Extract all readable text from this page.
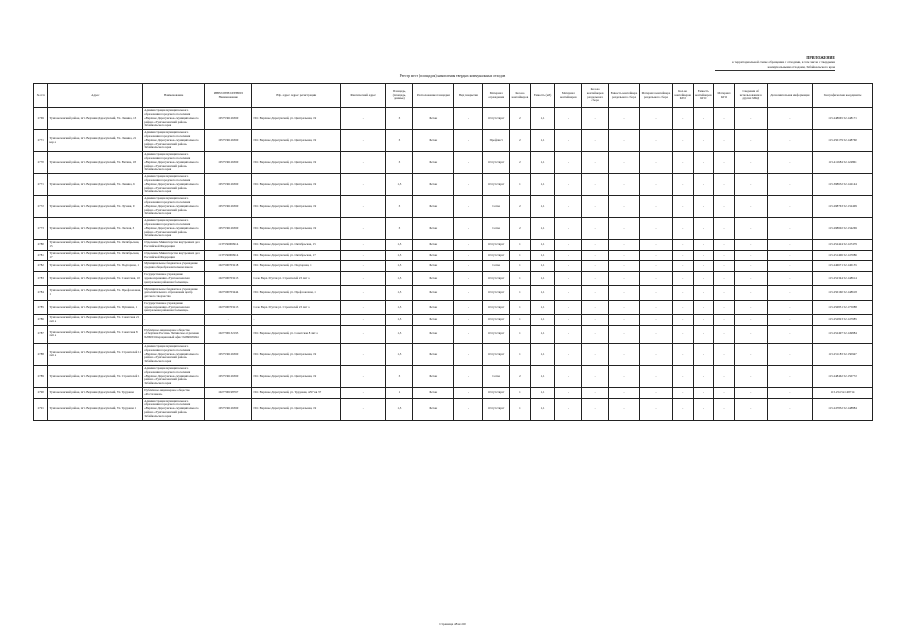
ПРИЛОЖЕНИЕ
к территориальной схеме обращения с отходами, в том числе с твердыми
коммунальными отходами, Забайкальского края
Реестр мест (площадок) накопления твердых коммунальных отходов
№ п/п	Адрес	Наименование	ИНН/ОГРН/ОГРНИП Наименование	Юр. адрес Адрес регистрации	Фактический адрес	Площадь, (площадь, данные)	Расположение площадки	Вид покрытия	Материал ограждения	Кол-во контейнеров	Емкость (м3)	Материал контейнеров	Кол-во контейнеров раздельного сбора	Емкость контейнера раздельного сбора	Материал контейнера раздельного сбора	Кол-во контейнеров КГО	Емкость контейнеров КГО	Материал КГО	Сведения об использовании в других МКД	Дополнительная информация	Географические координаты
2769	Тунгокоченский район, пгт. Верхняя Дарасунский, Ул. Ленина, 13	Администрация муниципального образования городского поселения «Верхнее Дарасунское» муниципального района «Тунгокоченский район» Забайкальского края	1057536126360	Пгт. Верхнее Дарасунский, ул. Центральная, 19	-	3	Бетон	-	Отсутствует	2	1,1	-	-	-	-	-	-	-	-	-	115.248665 52.148171
2771	Тунгокоченский район, пгт. Верхняя Дарасунский, Ул. Ленина, 21 кор а	Администрация муниципального образования городского поселения «Верхнее Дарасунское» муниципального района «Тунгокоченский район» Забайкальского края	1057536126360	Пгт. Верхнее Дарасунский, ул. Центральная, 19	-	3	Бетон	-	Профлист	2	1,1	-	-	-	-	-	-	-	-	-	115.250179 52.148760
2770	Тунгокоченский район, пгт. Верхняя Дарасунский, Ул. Ветина, 18	Администрация муниципального образования городского поселения «Верхнее Дарасунское» муниципального района «Тунгокоченский район» Забайкальского края	1057536126360	Пгт. Верхнее Дарасунский, ул. Центральная, 19	-	3	Бетон	-	Отсутствует	2	1,1	-	-	-	-	-	-	-	-	-	115.411684 52.124861
2771	Тунгокоченский район, пгт. Верхняя Дарасунский, Ул. Ленина, 6	Администрация муниципального образования городского поселения «Верхнее Дарасунское» муниципального района «Тунгокоченский район» Забайкальского края	1057536126360	Пгт. Верхнее Дарасунский, ул. Центральная, 19	-	1,5	Бетон	-	Отсутствует	1	1,1	-	-	-	-	-	-	-	-	-	115.398632 52.142144
2772	Тунгокоченский район, пгт. Верхняя Дарасунский, Ул. Лучная, 9	Администрация муниципального образования городского поселения «Верхнее Дарасунское» муниципального района «Тунгокоченский район» Забайкальского края	1057536126360	Пгт. Верхнее Дарасунский, ул. Центральная, 19	-	3	Бетон	-	Сетка	2	1,1	-	-	-	-	-	-	-	-	-	115.298763 52.132409
2773	Тунгокоченский район, пгт. Верхняя Дарасунский, Ул. Лесная, 3	Администрация муниципального образования городского поселения «Верхнее Дарасунское» муниципального района «Тунгокоченский район» Забайкальского края	1057536126360	Пгт. Верхнее Дарасунский, ул. Центральная, 19	-	3	Бетон	-	Сетка	2	1,1	-	-	-	-	-	-	-	-	-	115.298602 52.134269
2780	Тунгокоченский район, пгт. Верхняя Дарасунский, Ул. Октябрьская, 15	Отделение Министерства внутренних дел Российской Федерации	1137536000914	Пгт. Верхнее Дарасунский, ул. Октябрьская, 15	-	1,5	Бетон	-	Отсутствует	1	1,1	-	-	-	-	-	-	-	-	-	115.252424 52.147479
2781	Тунгокоченский район, пгт. Верхняя Дарасунский, Ул. Октябрьская, 17	Отделение Министерства внутренних дел Российской Федерации	1137536000914	Пгт. Верхнее Дарасунский, ул. Октябрьская, 17	-	1,5	Бетон	-	Отсутствует	1	1,1	-	-	-	-	-	-	-	-	-	115.251406 52.147086
2782	Тунгокоченский район, пгт. Верхняя Дарасунский, Ул. Подгорная, 1	Муниципальное бюджетное учреждение средняя общеобразовательная школа	1027500703218	Пгт. Верхнее Дарасунский, ул. Подгорная, 1	-	1,5	Бетон	-	Сетка	1	1,1	-	-	-	-	-	-	-	-	-	115.246671 52.140155
2783	Тунгокоченский район, пгт. Верхняя Дарасунский, Ул. Советская, 10	Государственное учреждение здравоохранения «Тунгокоченская центральная районная больница»	1027500703213	Село Верх-Усугли ул. Строителей 23 лит а	-	1,5	Бетон	-	Отсутствует	1	1,1	-	-	-	-	-	-	-	-	-	115.252344 52.148614
2784	Тунгокоченский район, пгт. Верхняя Дарасунский, Ул. Профсоюзная, 1	Муниципальное бюджетное учреждение дополнительного образования центр детского творчества	1027500703444	Пгт. Верхнее Дарасунский, ул. Профсоюзная, 1	-	1,5	Бетон	-	Отсутствует	1	1,1	-	-	-	-	-	-	-	-	-	115.250160 52.148618
2785	Тунгокоченский район, пгт. Верхняя Дарасунский, Ул. Пушкина, 1	Государственное учреждение здравоохранения «Тунгокоченская центральная районная больница»	1027500703213	Село Верх-Усугли ул. Строителей 23 лит а	-	1,5	Бетон	-	Отсутствует	1	1,1	-	-	-	-	-	-	-	-	-	115.256851 52.175088
2786	Тунгокоченский район, пгт. Верхняя Дарасунский, Ул. Советская 21 лит а	-	-	-	-	1,5	Бетон	-	Отсутствует	1	1,1	-	-	-	-	-	-	-	-	-	115.252823 52.147985
2787	Тунгокоченский район, пгт. Верхняя Дарасунский, Ул. Советская 8 лит а	Публичное акционерное общество «Сбербанк России» Читинское отделение №8600 Операционный офис №8600/0494	1027700132195	Пгт. Верхнее Дарасунский, ул. Советская 8 лит а	-	1,5	Бетон	-	Отсутствует	1	1,1	-	-	-	-	-	-	-	-	-	115.252497 52.149884
2788	Тунгокоченский район, пгт. Верхняя Дарасунский, Ул. Строителей 11 лит а	Администрация муниципального образования городского поселения «Верхнее Дарасунское» муниципального района «Тунгокоченский район» Забайкальского края	1057536126360	Пгт. Верхнее Дарасунский, ул. Центральная, 19	-	1,5	Бетон	-	Отсутствует	1	1,1	-	-	-	-	-	-	-	-	-	115.251183 52.150947
2789	Тунгокоченский район, пгт. Верхняя Дарасунский, Ул. Строителей 1	Администрация муниципального образования городского поселения «Верхнее Дарасунское» муниципального района «Тунгокоченский район» Забайкальского края	1057536126360	Пгт. Верхнее Дарасунский, ул. Центральная, 19	-	3	Бетон	-	Сетка	2	1,1	-	-	-	-	-	-	-	-	-	115.248462 52.150772
2790	Тунгокоченский район, пгт. Верхняя Дарасунский, Ул. Трудовая	Публичное акционерное общество «Ростелеком»	1027700198767	Пгт. Верхнее Дарасунский, ул. Трудовая, 4/97 кв 37	-	1	Бетон	-	Отсутствует	1	1,1	-	-	-	-	-	-	-	-	-	115.254 52.148714
2791	Тунгокоченский район, пгт. Верхняя Дарасунский, Ул. Трудовая 1	Администрация муниципального образования городского поселения «Верхнее Дарасунское» муниципального района «Тунгокоченский район» Забайкальского края	1057536126360	Пгт. Верхнее Дарасунский, ул. Центральная, 19	-	1,5	Бетон	-	Отсутствует	1	1,1	-	-	-	-	-	-	-	-	-	115.247852 52.148884
Страница 48 из 60
